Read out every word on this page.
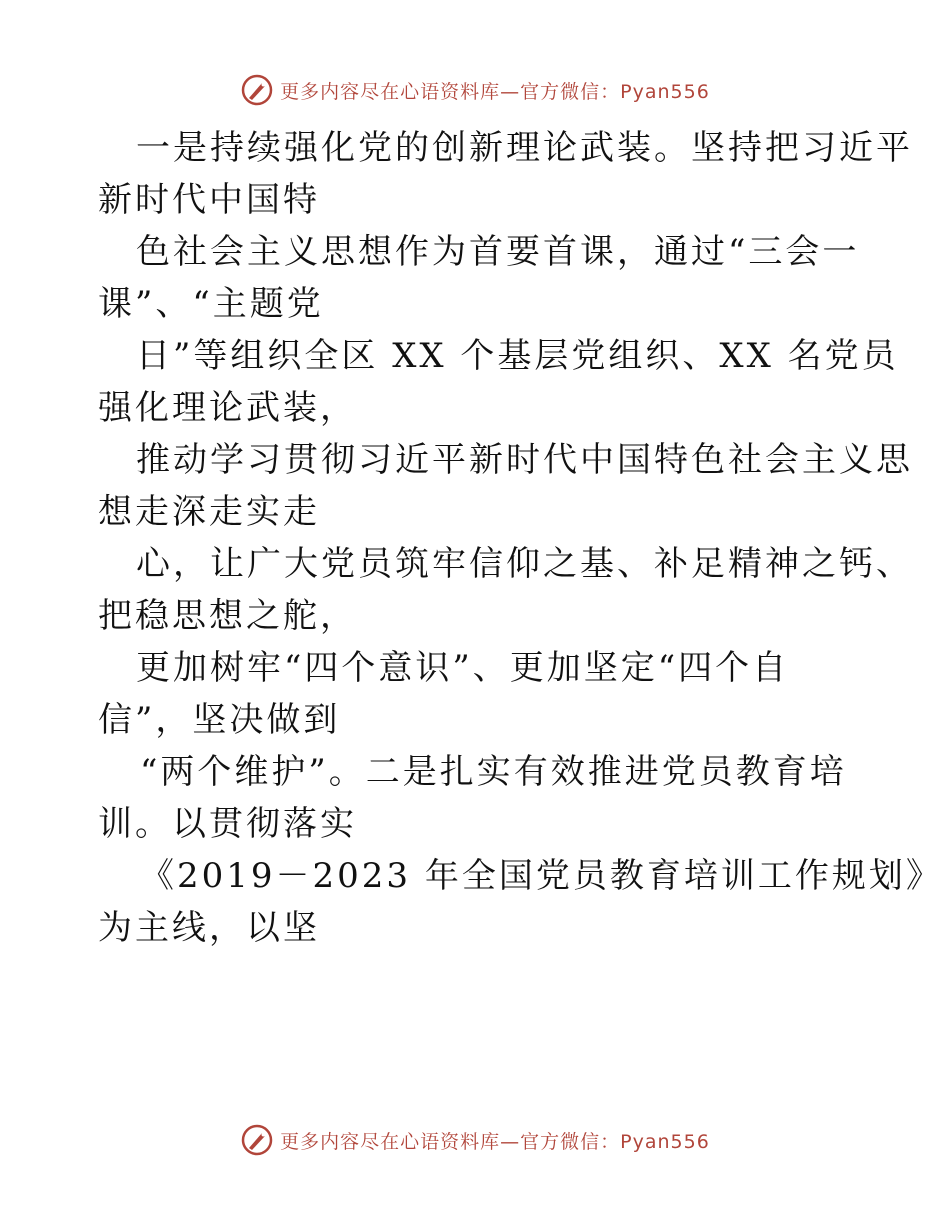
更多内容尽在心语资料库—官方微信：Pyan556
一是持续强化党的创新理论武装。坚持把习近平
新时代中国特
色社会主义思想作为首要首课，通过“三会一
课”、“主题党
日”等组织全区 XX 个基层党组织、XX 名党员
强化理论武装，
推动学习贯彻习近平新时代中国特色社会主义思
想走深走实走
心，让广大党员筑牢信仰之基、补足精神之钙、
把稳思想之舵，
更加树牢“四个意识”、更加坚定“四个自
信”，坚决做到
“两个维护”。二是扎实有效推进党员教育培
训。以贯彻落实
《2019－2023 年全国党员教育培训工作规划》
为主线，以坚
更多内容尽在心语资料库—官方微信：Pyan556
